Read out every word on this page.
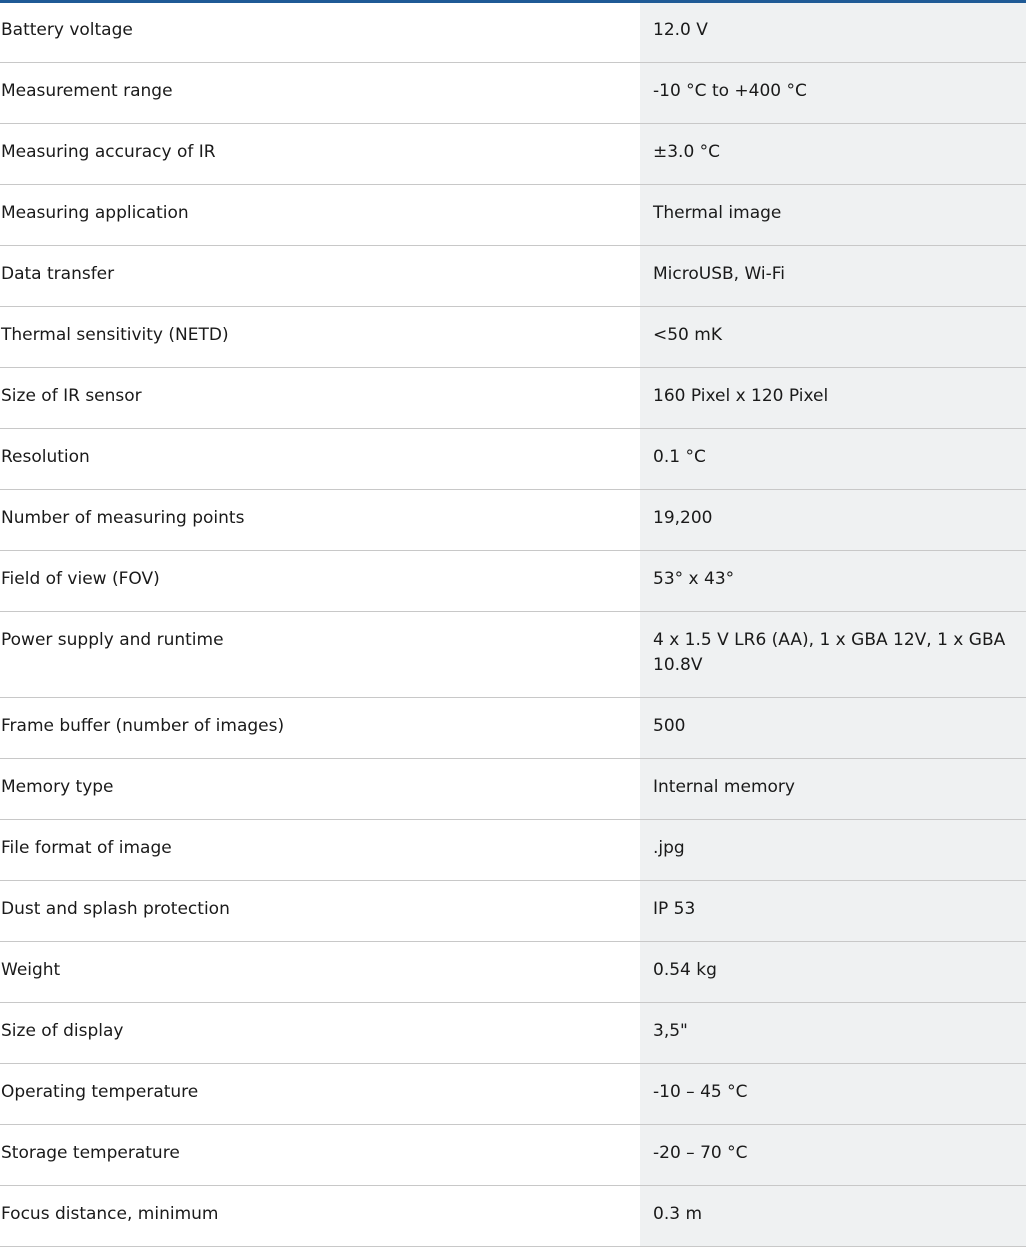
Battery voltage	12.0 V
Measurement range	-10 °C to +400 °C
Measuring accuracy of IR	±3.0 °C
Measuring application	Thermal image
Data transfer	MicroUSB, Wi-Fi
Thermal sensitivity (NETD)	<50 mK
Size of IR sensor	160 Pixel x 120 Pixel
Resolution	0.1 °C
Number of measuring points	19,200
Field of view (FOV)	53° x 43°
Power supply and runtime	4 x 1.5 V LR6 (AA), 1 x GBA 12V, 1 x GBA 10.8V
Frame buffer (number of images)	500
Memory type	Internal memory
File format of image	.jpg
Dust and splash protection	IP 53
Weight	0.54 kg
Size of display	3,5"
Operating temperature	-10 – 45 °C
Storage temperature	-20 – 70 °C
Focus distance, minimum	0.3 m
